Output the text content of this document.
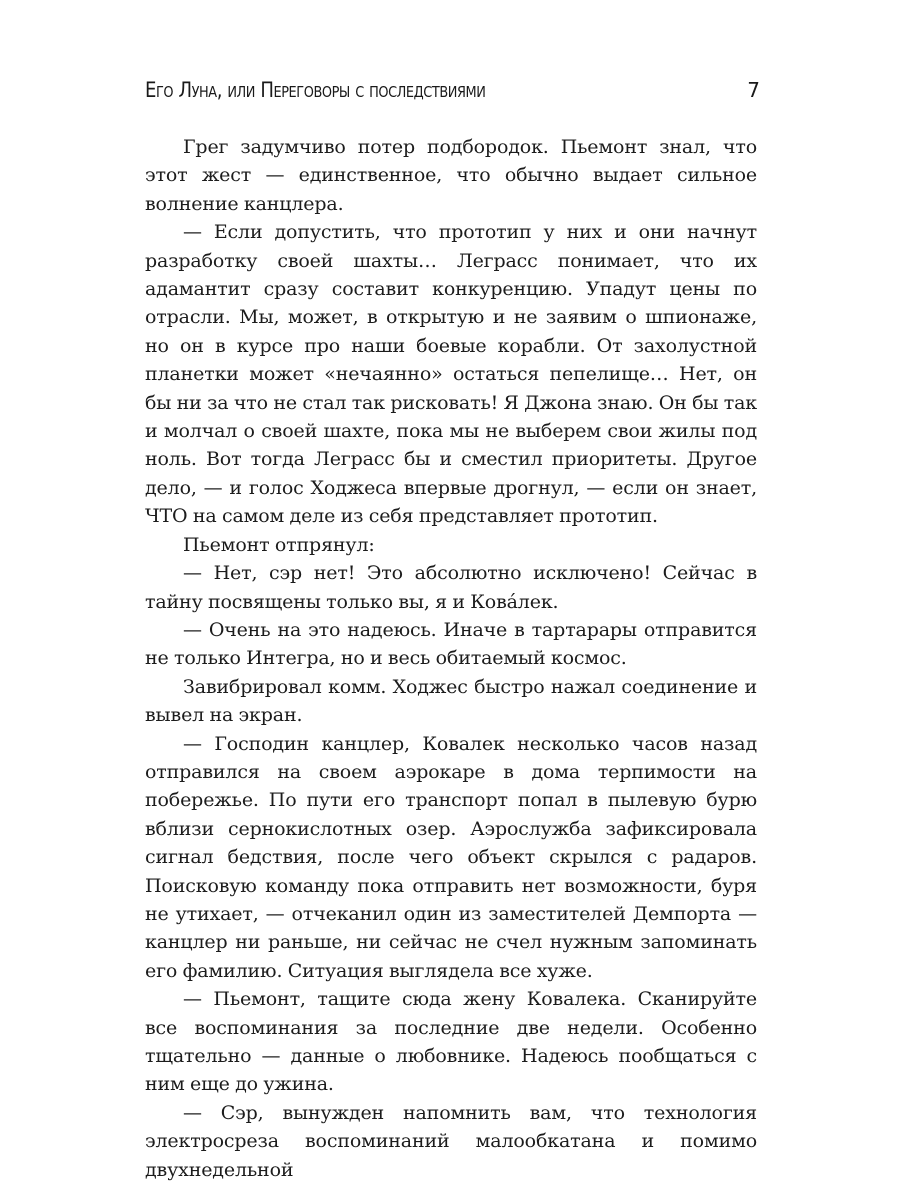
Его Луна, или Переговоры с последствиями	7

Грег задумчиво потер подбородок. Пьемонт знал, что этот жест — единственное, что обычно выдает сильное волнение канцлера.

— Если допустить, что прототип у них и они начнут разработку своей шахты… Леграсс понимает, что их адамантит сразу составит конкуренцию. Упадут цены по отрасли. Мы, может, в открытую и не заявим о шпионаже, но он в курсе про наши боевые корабли. От захолустной планетки может «нечаянно» остаться пепелище… Нет, он бы ни за что не стал так рисковать! Я Джона знаю. Он бы так и молчал о своей шахте, пока мы не выберем свои жилы под ноль. Вот тогда Леграсс бы и сместил приоритеты. Другое дело, — и голос Ходжеса впервые дрогнул, — если он знает, ЧТО на самом деле из себя представляет прототип.

Пьемонт отпрянул:

— Нет, сэр нет! Это абсолютно исключено! Сейчас в тайну посвящены только вы, я и Кова́лек.

— Очень на это надеюсь. Иначе в тартарары отправится не только Интегра, но и весь обитаемый космос.

Завибрировал комм. Ходжес быстро нажал соединение и вывел на экран.

— Господин канцлер, Ковалек несколько часов назад отправился на своем аэрокаре в дома терпимости на побережье. По пути его транспорт попал в пылевую бурю вблизи сернокислотных озер. Аэрослужба зафиксировала сигнал бедствия, после чего объект скрылся с радаров. Поисковую команду пока отправить нет возможности, буря не утихает, — отчеканил один из заместителей Демпорта — канцлер ни раньше, ни сейчас не счел нужным запоминать его фамилию. Ситуация выглядела все хуже.

— Пьемонт, тащите сюда жену Ковалека. Сканируйте все воспоминания за последние две недели. Особенно тщательно — данные о любовнике. Надеюсь пообщаться с ним еще до ужина.

— Сэр, вынужден напомнить вам, что технология электросреза воспоминаний малообкатана и помимо двухнедельной
